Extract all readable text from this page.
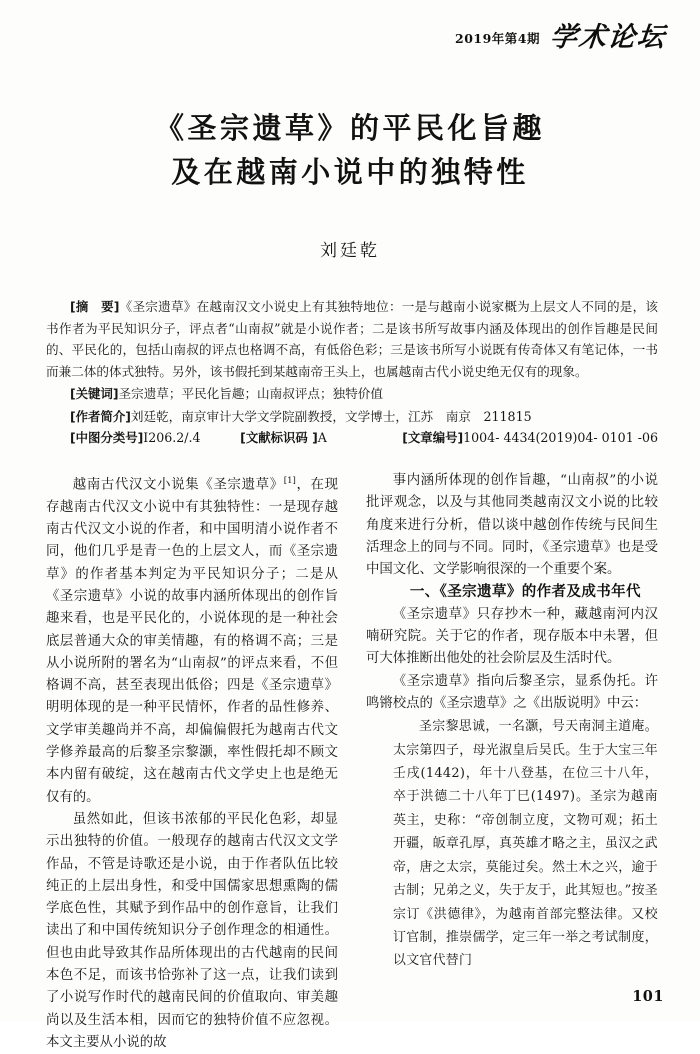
2019年第4期 学术论坛
《圣宗遗草》的平民化旨趣
及在越南小说中的独特性
刘廷乾

[摘　要]《圣宗遗草》在越南汉文小说史上有其独特地位：一是与越南小说家概为上层文人不同的是，该书作者为平民知识分子，评点者“山南叔”就是小说作者；二是该书所写故事内涵及体现出的创作旨趣是民间的、平民化的，包括山南叔的评点也格调不高，有低俗色彩；三是该书所写小说既有传奇体又有笔记体，一书而兼二体的体式独特。另外，该书假托到某越南帝王头上，也属越南古代小说史绝无仅有的现象。

[关键词]圣宗遗草；平民化旨趣；山南叔评点；独特价值

[作者简介]刘廷乾，南京审计大学文学院副教授，文学博士，江苏　南京　211815

[中图分类号]I206.2/.4	[文献标识码 ]A	[文章编号]1004- 4434(2019)04- 0101 -06

越南古代汉文小说集《圣宗遗草》[1]，在现存越南古代汉文小说中有其独特性：一是现存越南古代汉文小说的作者，和中国明清小说作者不同，他们几乎是青一色的上层文人，而《圣宗遗草》的作者基本判定为平民知识分子；二是从《圣宗遗草》小说的故事内涵所体现出的创作旨趣来看，也是平民化的，小说体现的是一种社会底层普通大众的审美情趣，有的格调不高；三是从小说所附的署名为“山南叔”的评点来看，不但格调不高，甚至表现出低俗；四是《圣宗遗草》明明体现的是一种平民情怀，作者的品性修养、文学审美趣尚并不高，却偏偏假托为越南古代文学修养最高的后黎圣宗黎灏，率性假托却不顾文本内留有破绽，这在越南古代文学史上也是绝无仅有的。

虽然如此，但该书浓郁的平民化色彩，却显示出独特的价值。一般现存的越南古代汉文文学作品，不管是诗歌还是小说，由于作者队伍比较纯正的上层出身性，和受中国儒家思想熏陶的儒学底色性，其赋予到作品中的创作意旨，让我们读出了和中国传统知识分子创作理念的相通性。但也由此导致其作品所体现出的古代越南的民间本色不足，而该书恰弥补了这一点，让我们读到了小说写作时代的越南民间的价值取向、审美趣尚以及生活本相，因而它的独特价值不应忽视。本文主要从小说的故

事内涵所体现的创作旨趣，“山南叔”的小说批评观念，以及与其他同类越南汉文小说的比较角度来进行分析，借以谈中越创作传统与民间生活理念上的同与不同。同时，《圣宗遗草》也是受中国文化、文学影响很深的一个重要个案。

一、《圣宗遗草》的作者及成书年代

《圣宗遗草》只存抄木一种，藏越南河内汉喃研究院。关于它的作者，现存版本中未署，但可大体推断出他处的社会阶层及生活时代。

《圣宗遗草》指向后黎圣宗，显系伪托。许鸣锵校点的《圣宗遗草》之《出版说明》中云：

圣宗黎思诚，一名灏，号天南洞主道庵。太宗第四子，母光淑皇后吴氏。生于大宝三年壬戌(1442)，年十八登基，在位三十八年，卒于洪德二十八年丁巳(1497)。圣宗为越南英主，史称：“帝创制立度，文物可观；拓土开疆，皈章孔厚，真英雄才略之主，虽汉之武帝，唐之太宗，莫能过矣。然土木之兴，逾于古制；兄弟之义，失于友于，此其短也。”按圣宗订《洪德律》，为越南首部完整法律。又校订官制，推崇儒学，定三年一举之考试制度，以文官代替门

101
